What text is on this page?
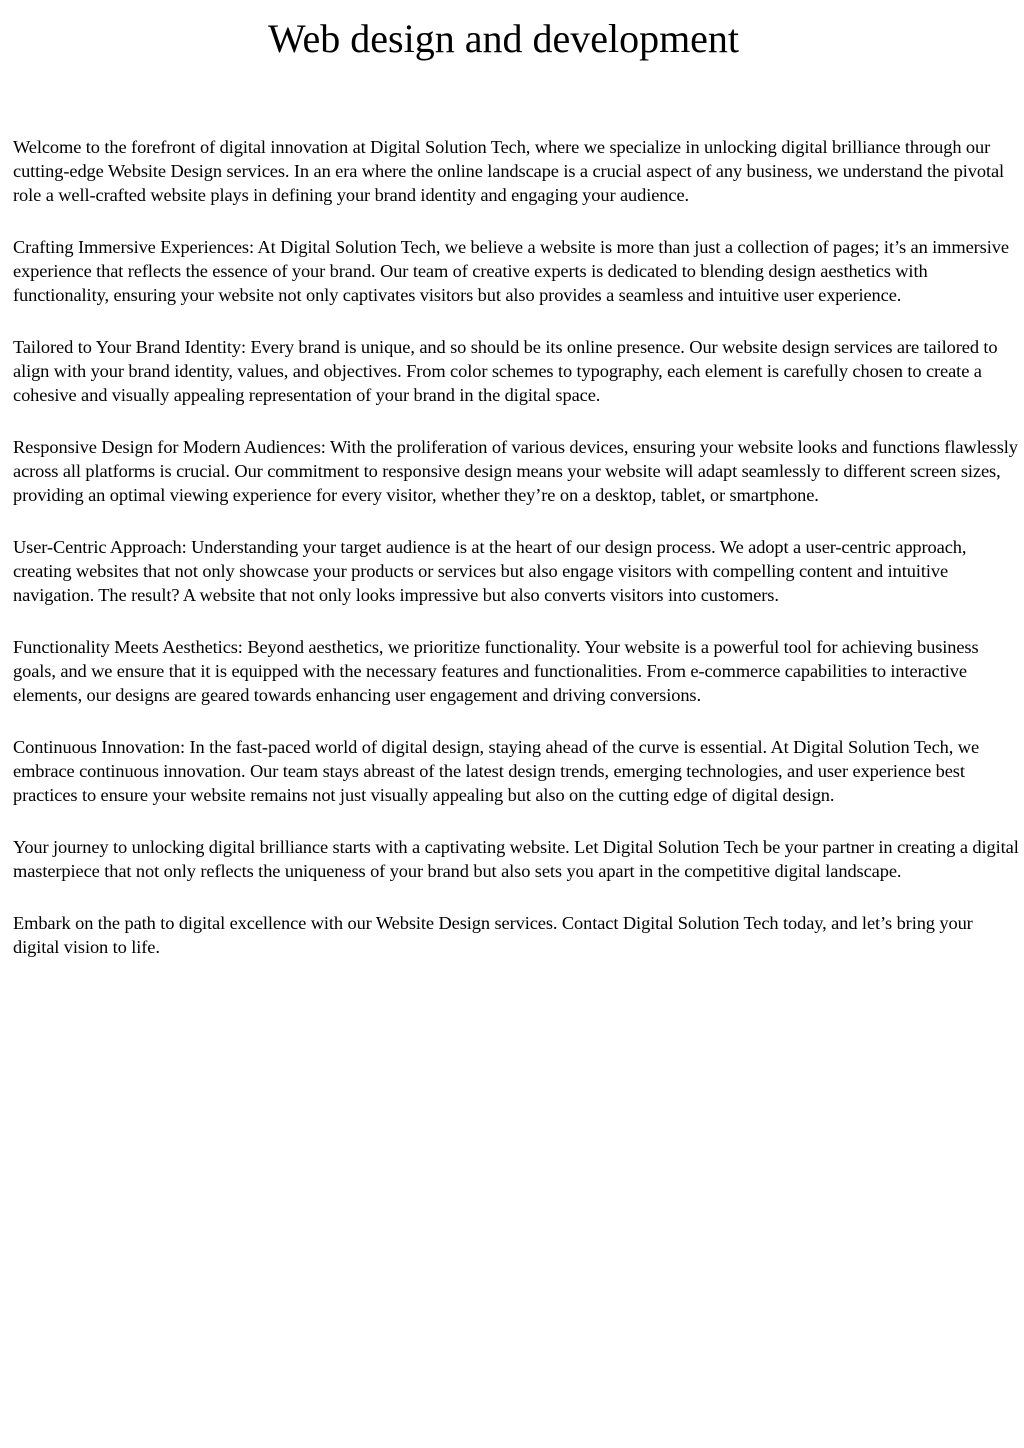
Web design and development

Welcome to the forefront of digital innovation at Digital Solution Tech, where we specialize in unlocking digital brilliance through our cutting-edge Website Design services. In an era where the online landscape is a crucial aspect of any business, we understand the pivotal role a well-crafted website plays in defining your brand identity and engaging your audience.

Crafting Immersive Experiences: At Digital Solution Tech, we believe a website is more than just a collection of pages; it’s an immersive experience that reflects the essence of your brand. Our team of creative experts is dedicated to blending design aesthetics with functionality, ensuring your website not only captivates visitors but also provides a seamless and intuitive user experience.

Tailored to Your Brand Identity: Every brand is unique, and so should be its online presence. Our website design services are tailored to align with your brand identity, values, and objectives. From color schemes to typography, each element is carefully chosen to create a cohesive and visually appealing representation of your brand in the digital space.

Responsive Design for Modern Audiences: With the proliferation of various devices, ensuring your website looks and functions flawlessly across all platforms is crucial. Our commitment to responsive design means your website will adapt seamlessly to different screen sizes, providing an optimal viewing experience for every visitor, whether they’re on a desktop, tablet, or smartphone.

User-Centric Approach: Understanding your target audience is at the heart of our design process. We adopt a user-centric approach, creating websites that not only showcase your products or services but also engage visitors with compelling content and intuitive navigation. The result? A website that not only looks impressive but also converts visitors into customers.

Functionality Meets Aesthetics: Beyond aesthetics, we prioritize functionality. Your website is a powerful tool for achieving business goals, and we ensure that it is equipped with the necessary features and functionalities. From e-commerce capabilities to interactive elements, our designs are geared towards enhancing user engagement and driving conversions.

Continuous Innovation: In the fast-paced world of digital design, staying ahead of the curve is essential. At Digital Solution Tech, we embrace continuous innovation. Our team stays abreast of the latest design trends, emerging technologies, and user experience best practices to ensure your website remains not just visually appealing but also on the cutting edge of digital design.

Your journey to unlocking digital brilliance starts with a captivating website. Let Digital Solution Tech be your partner in creating a digital masterpiece that not only reflects the uniqueness of your brand but also sets you apart in the competitive digital landscape.

Embark on the path to digital excellence with our Website Design services. Contact Digital Solution Tech today, and let’s bring your digital vision to life.
